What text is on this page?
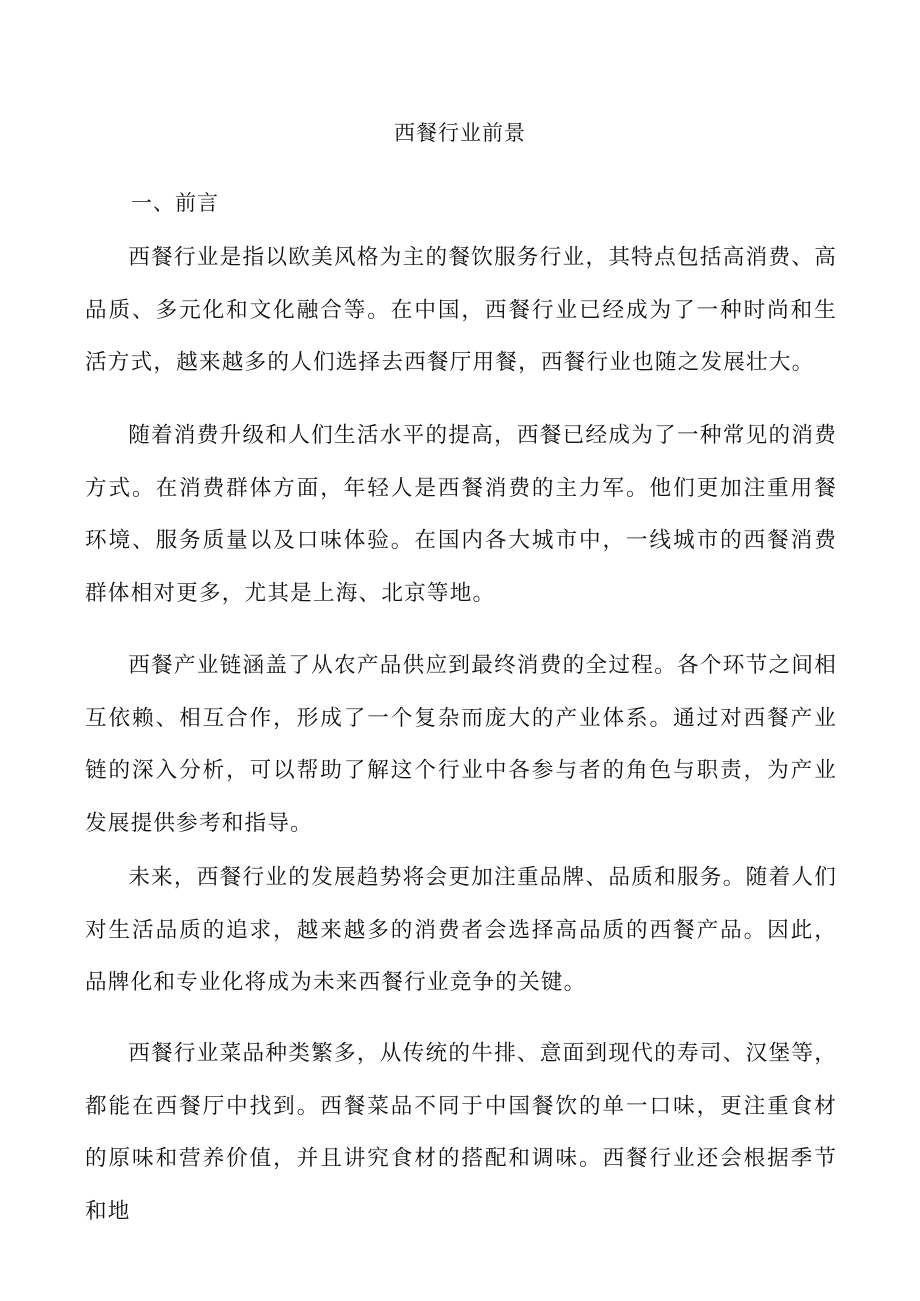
西餐行业前景
一、前言

西餐行业是指以欧美风格为主的餐饮服务行业，其特点包括高消费、高品质、多元化和文化融合等。在中国，西餐行业已经成为了一种时尚和生活方式，越来越多的人们选择去西餐厅用餐，西餐行业也随之发展壮大。

随着消费升级和人们生活水平的提高，西餐已经成为了一种常见的消费方式。在消费群体方面，年轻人是西餐消费的主力军。他们更加注重用餐环境、服务质量以及口味体验。在国内各大城市中，一线城市的西餐消费群体相对更多，尤其是上海、北京等地。

西餐产业链涵盖了从农产品供应到最终消费的全过程。各个环节之间相互依赖、相互合作，形成了一个复杂而庞大的产业体系。通过对西餐产业链的深入分析，可以帮助了解这个行业中各参与者的角色与职责，为产业发展提供参考和指导。

未来，西餐行业的发展趋势将会更加注重品牌、品质和服务。随着人们对生活品质的追求，越来越多的消费者会选择高品质的西餐产品。因此，品牌化和专业化将成为未来西餐行业竞争的关键。

西餐行业菜品种类繁多，从传统的牛排、意面到现代的寿司、汉堡等，都能在西餐厅中找到。西餐菜品不同于中国餐饮的单一口味，更注重食材的原味和营养价值，并且讲究食材的搭配和调味。西餐行业还会根据季节和地
